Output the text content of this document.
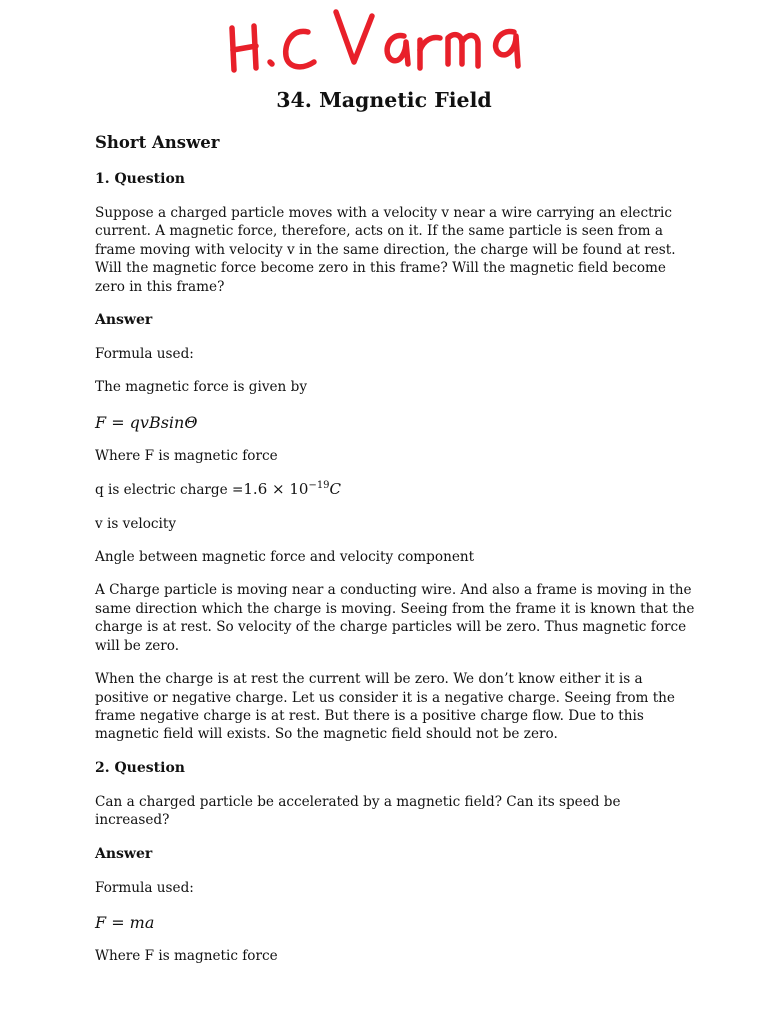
34. Magnetic Field
Short Answer
1. Question

Suppose a charged particle moves with a velocity v near a wire carrying an electric current. A magnetic force, therefore, acts on it. If the same particle is seen from a frame moving with velocity v in the same direction, the charge will be found at rest. Will the magnetic force become zero in this frame? Will the magnetic field become zero in this frame?

Answer

Formula used:

The magnetic force is given by

F = qvBsinΘ

Where F is magnetic force

q is electric charge $=1.6 \times 10^{-19}C$

v is velocity

Angle between magnetic force and velocity component

A Charge particle is moving near a conducting wire. And also a frame is moving in the same direction which the charge is moving. Seeing from the frame it is known that the charge is at rest. So velocity of the charge particles will be zero. Thus magnetic force will be zero.

When the charge is at rest the current will be zero. We don’t know either it is a positive or negative charge. Let us consider it is a negative charge. Seeing from the frame negative charge is at rest. But there is a positive charge flow. Due to this magnetic field will exists. So the magnetic field should not be zero.

2. Question

Can a charged particle be accelerated by a magnetic field? Can its speed be increased?

Answer

Formula used:

F = ma

Where F is magnetic force
